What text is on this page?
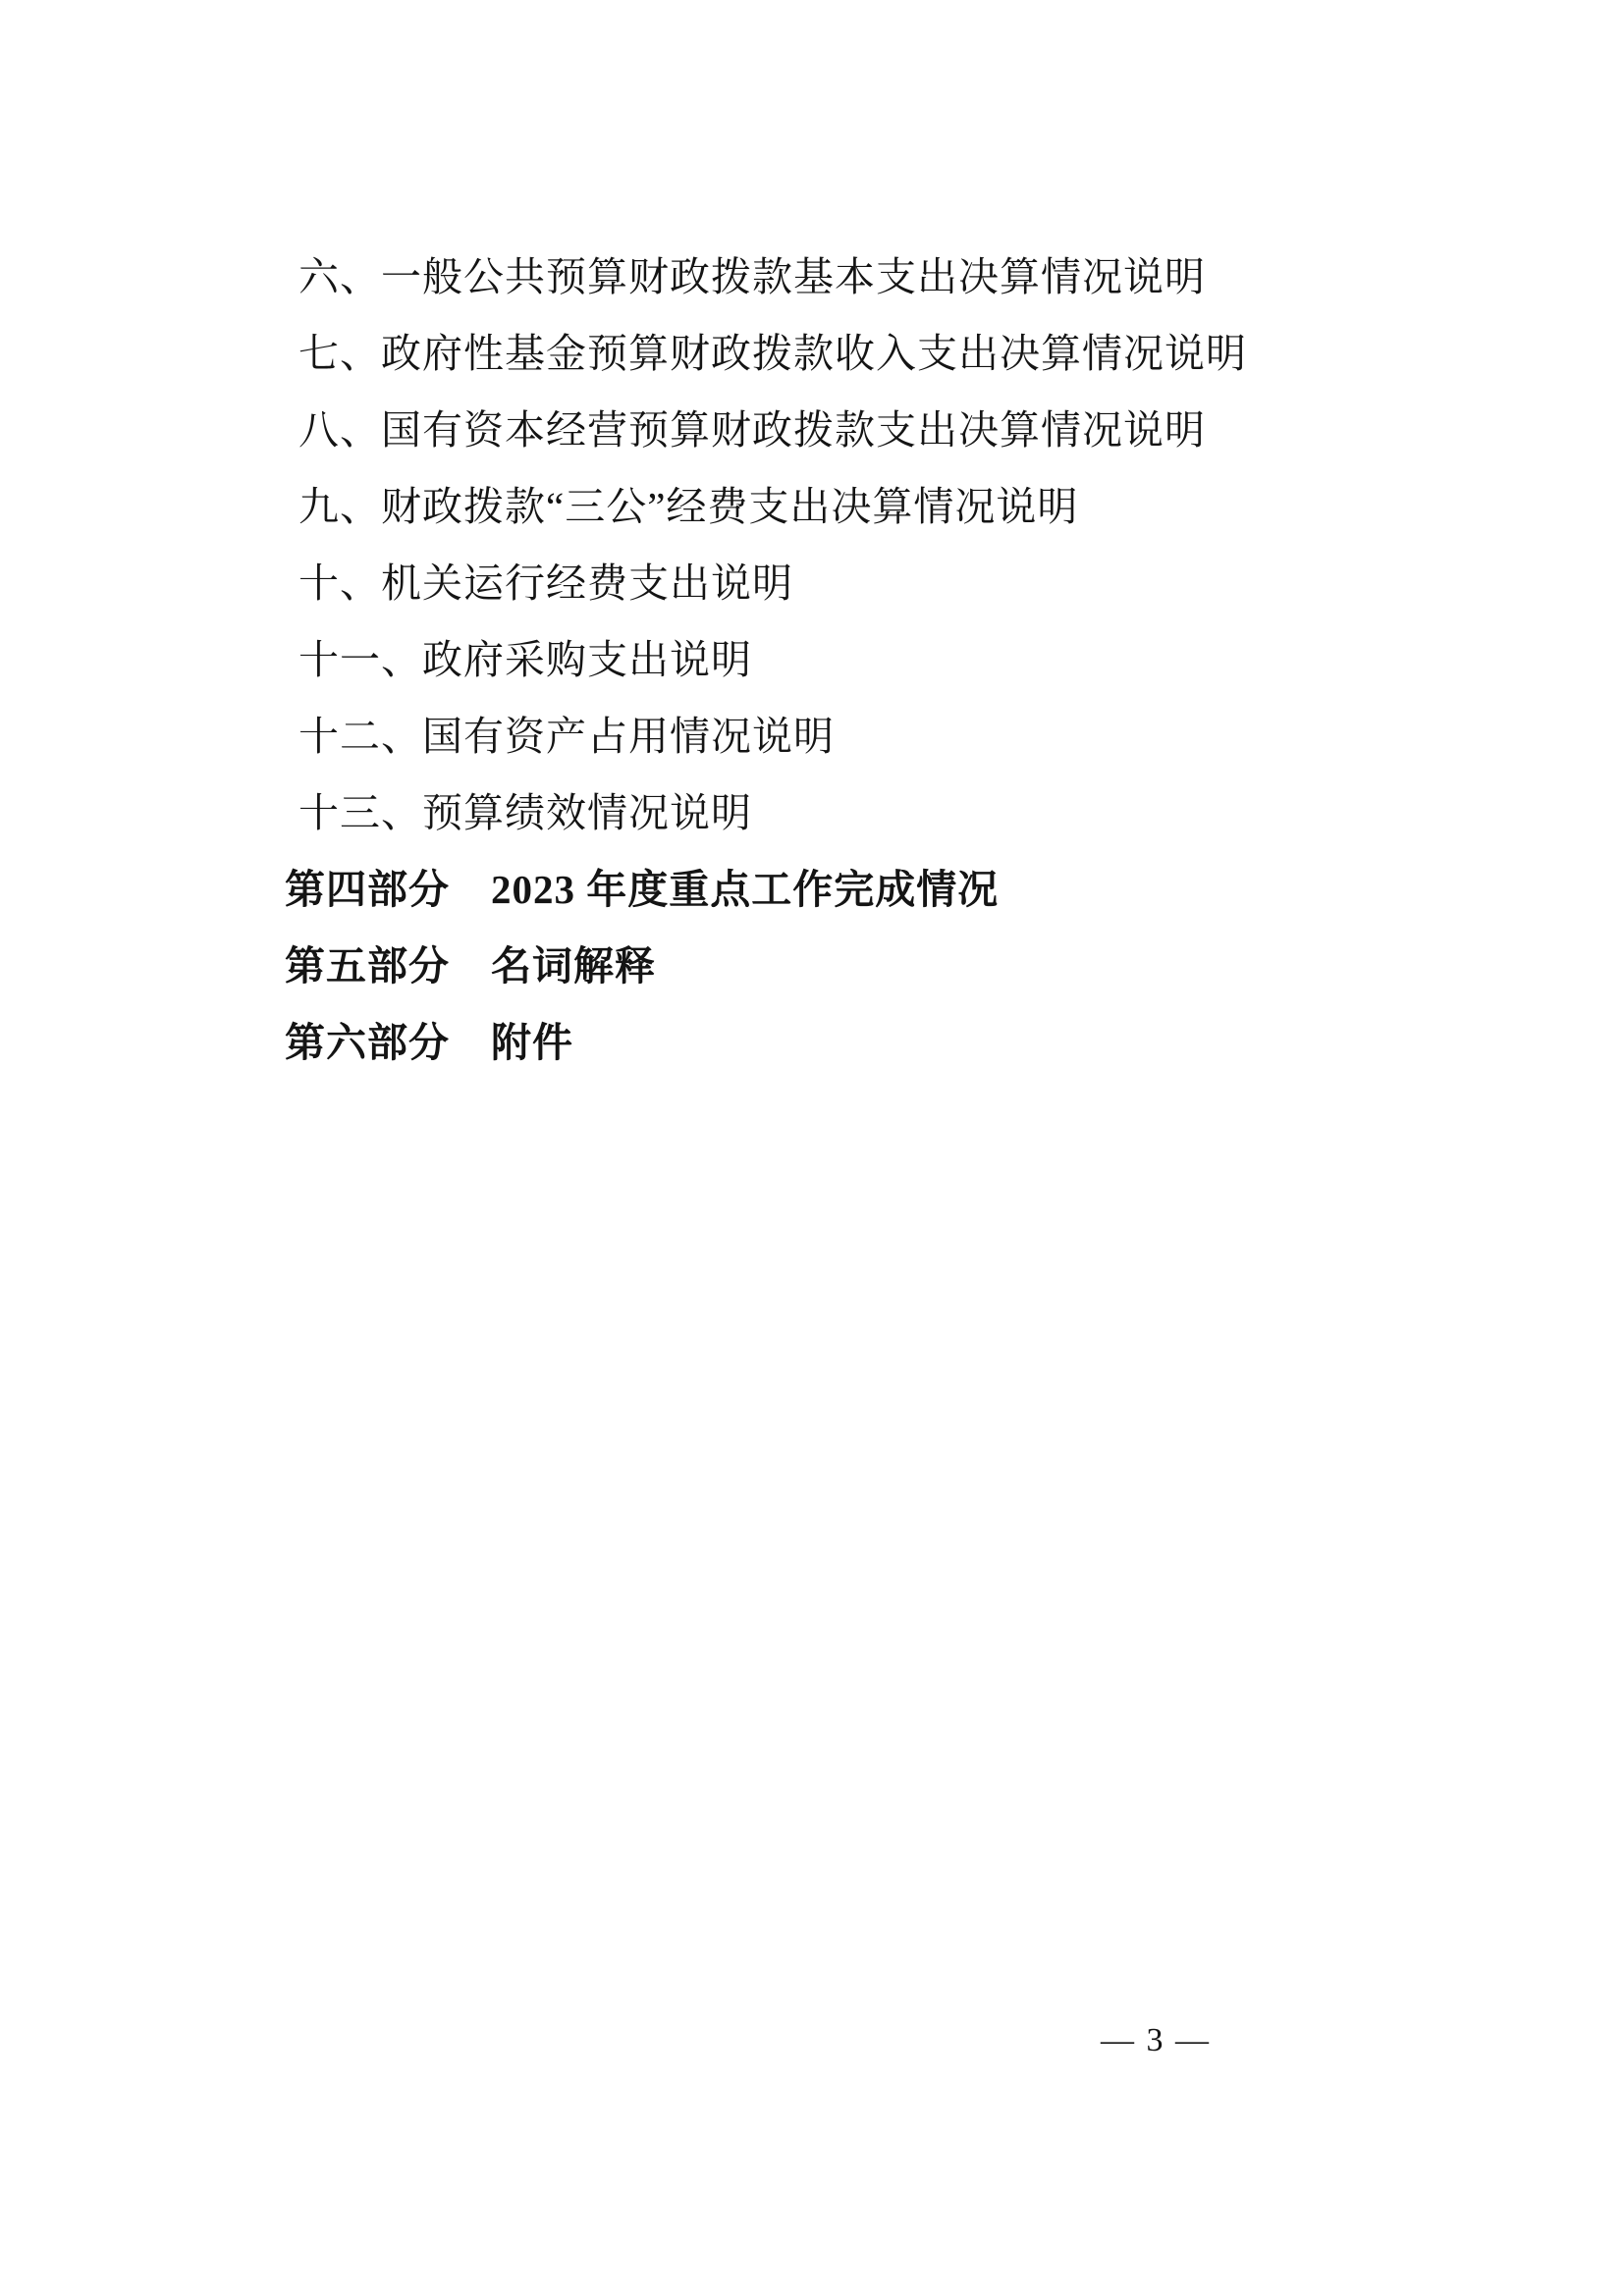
六、一般公共预算财政拨款基本支出决算情况说明
七、政府性基金预算财政拨款收入支出决算情况说明
八、国有资本经营预算财政拨款支出决算情况说明
九、财政拨款“三公”经费支出决算情况说明
十、机关运行经费支出说明
十一、政府采购支出说明
十二、国有资产占用情况说明
十三、预算绩效情况说明
第四部分 2023 年度重点工作完成情况
第五部分 名词解释
第六部分 附件
— 3 —
